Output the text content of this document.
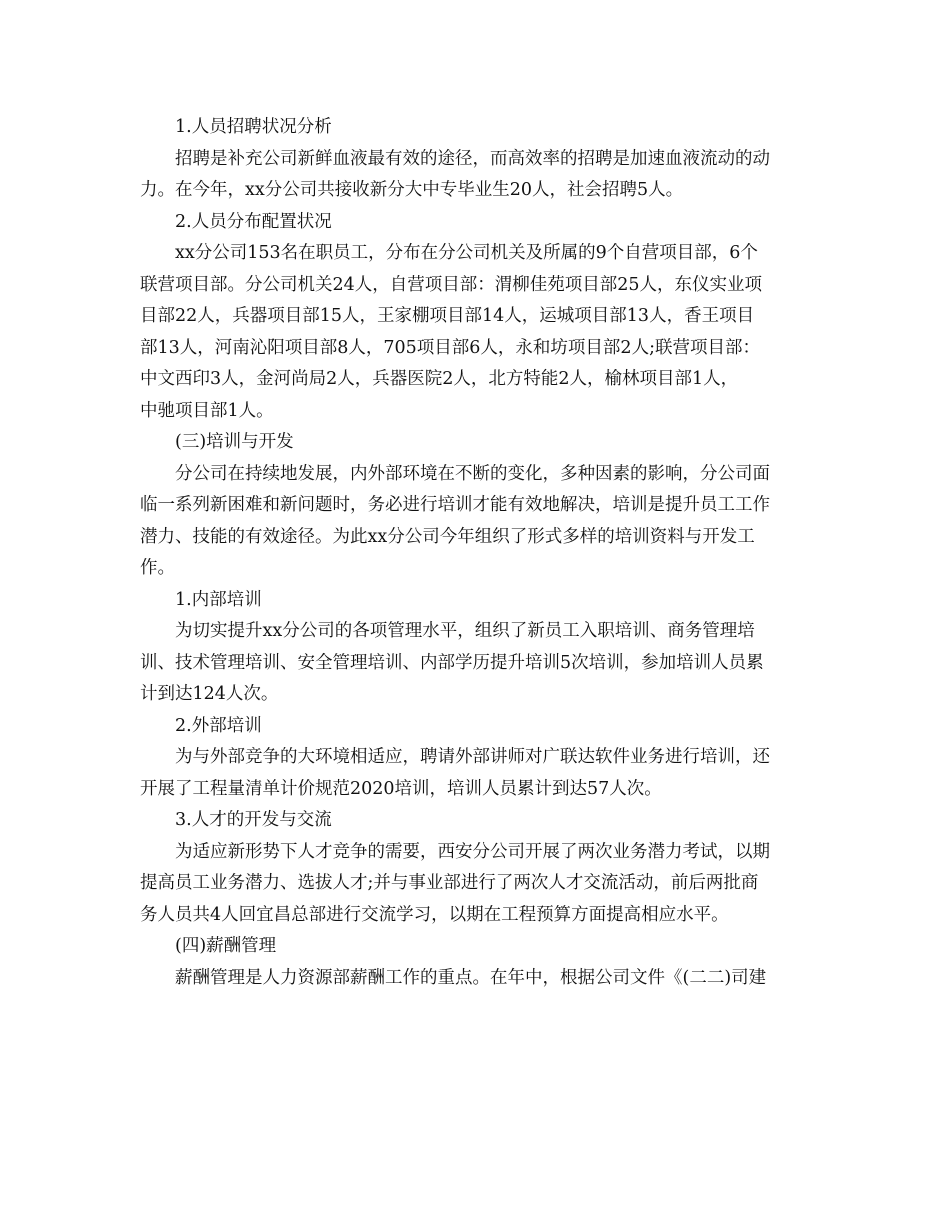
1.人员招聘状况分析

招聘是补充公司新鲜血液最有效的途径，而高效率的招聘是加速血液流动的动

力。在今年，xx分公司共接收新分大中专毕业生20人，社会招聘5人。

2.人员分布配置状况

xx分公司153名在职员工，分布在分公司机关及所属的9个自营项目部，6个

联营项目部。分公司机关24人，自营项目部：渭柳佳苑项目部25人，东仪实业项

目部22人，兵器项目部15人，王家棚项目部14人，运城项目部13人，香王项目

部13人，河南沁阳项目部8人，705项目部6人，永和坊项目部2人;联营项目部：

中文西印3人，金河尚局2人，兵器医院2人，北方特能2人，榆林项目部1人，

中驰项目部1人。

(三)培训与开发

分公司在持续地发展，内外部环境在不断的变化，多种因素的影响，分公司面

临一系列新困难和新问题时，务必进行培训才能有效地解决，培训是提升员工工作

潜力、技能的有效途径。为此xx分公司今年组织了形式多样的培训资料与开发工

作。

1.内部培训

为切实提升xx分公司的各项管理水平，组织了新员工入职培训、商务管理培

训、技术管理培训、安全管理培训、内部学历提升培训5次培训，参加培训人员累

计到达124人次。

2.外部培训

为与外部竞争的大环境相适应，聘请外部讲师对广联达软件业务进行培训，还

开展了工程量清单计价规范2020培训，培训人员累计到达57人次。

3.人才的开发与交流

为适应新形势下人才竞争的需要，西安分公司开展了两次业务潜力考试，以期

提高员工业务潜力、选拔人才;并与事业部进行了两次人才交流活动，前后两批商

务人员共4人回宜昌总部进行交流学习，以期在工程预算方面提高相应水平。

(四)薪酬管理

薪酬管理是人力资源部薪酬工作的重点。在年中，根据公司文件《(二二)司建
